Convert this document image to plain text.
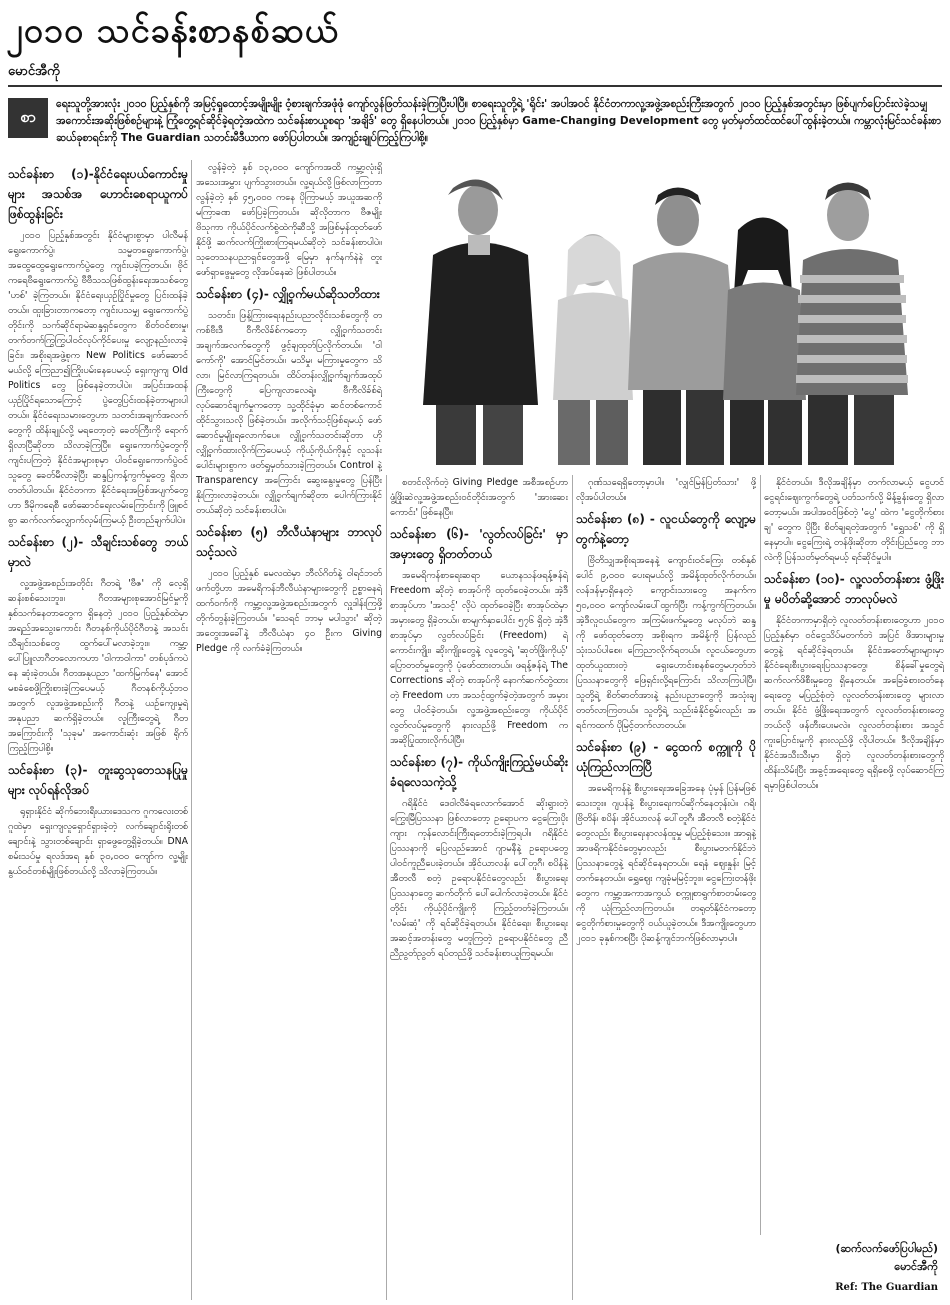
၂၀၁၀ သင်ခန်းစာနစ်ဆယ်
မောင်အီကို
စာ
ရေးသူတို့အားလုံး ၂၀၁၀ ပြည့်နှစ်ကို အမြင့်ရှုထောင့်အမျိုးမျိုး ဝံ့စားချက်အဖုံဖုံ ကျော်လွန်ဖြတ်သန်းခဲ့ကြပြီးပါပြီ။ စာရေးသူတို့ရဲ့ 'ရိုင်း' အပါအဝင် နိုင်ငံတကာလူ့အဖွဲ့အစည်းကြီးအတွက် ၂၀၁၀ ပြည့်နှစ်အတွင်းမှာ ဖြစ်ပျက်ပြောင်းလဲခဲ့သမျှ အကောင်းအဆိုးဖြစ်စဉ်များနဲ့ ကြုံတွေ့ရင်ဆိုင်ခဲ့ရတဲ့အထဲက သင်ခန်းစာယူစရာ 'အချိဒ်' တွေ ရှိနေပါတယ်။ ၂၀၁၀ ပြည့်နှစ်မှာ Game-Changing Development တွေ မှတ်မှတ်ထင်ထင်ပေါ်ထွန်းခဲ့တယ်။ ကမ္ဘာလုံးမြင်သင်ခန်းစာဆယ်ခုစာရင်းကို The Guardian သတင်းမီဒီယာက ဖော်ပြပါတယ်။ အကျဉ်းချုပ်ကြည့်ကြပါစို့။
သင်ခန်းစာ (၁)-နိုင်ငံရေးပယ်ကောင်းမှုများ အသစ်အ ဟောင်းစေရာယူကပ်ဖြစ်ထွန်းခြင်း

၂၀၁၀ ပြည့်နှစ်အတွင်း နိုင်ငံများစွာမှာ ပါလီမန်ရွေးကောက်ပွဲ၊ သမ္မတရွေးကောက်ပွဲ၊ အထွေထွေရွေးကောက်ပွဲတွေ ကျင်းပခဲ့ကြတယ်။ ဗိုင်ကရေဗီရွေးကောက်ပွဲ ဗီဗီသသဖြစ်ထွန်းရေးအသစ်တွေ 'ဟစ်' ခဲ့ကြတယ်။ နိုင်ငံရေးယှဉ်ပြိုင်မှုတွေ ပြင်းထန်ခဲ့တယ်။ ထူးခြားတာကတော့ ကျင်းပသမျှ ရွေးကောက်ပွဲတိုင်းကို သက်ဆိုင်ရာမဲဆန္ဒရှင်တွေက စိတ်ဝင်စားမှု၊ တက်တက်ကြွကြွပါဝင်လုပ်ကိုင်ပေးမှု လျော့နည်းလာခဲ့ခြင်း၊ အစိုးရအဖွဲ့စုက New Politics ဖော်ဆောင်မယ်လို့ ကြေညာ၍ကြိုးပမ်းနေပေမယ့် ရှေးကျကျ Old Politics တွေ ဖြစ်နေခဲ့တာပါပဲ။ အပြင်းအထန် ယှဉ်ပြိုင်ရသောကြောင့် ပွဲတွေပြင်းထန်ခဲ့တာများပါတယ်။ နိုင်ငံရေးသမားတွေဟာ သတင်းအချက်အလက်တွေကို ထိန်းချုပ်လို့ မရတော့တဲ့ ခေတ်ကြီးကို ရောက်ရှိလာပြီဆိုတာ သိလာခဲ့ကြပြီ။ ရွေးကောက်ပွဲတွေကို ကျင်းပကြတဲ့ နိုင်ငံအများစုမှာ ပါဝင်ရွေးကောက်ပွဲဝင်သူတွေ ခေတ်မီလာခဲ့ပြီး ဆန္ဒပြကန့်ကွက်မှုတွေ ရှိလာတတ်ပါတယ်။ နိုင်ငံတကာ နိုင်ငံရေးအဖြစ်အပျက်တွေဟာ ဒီမိုကရေစီ ဖော်ဆောင်ရေးလမ်းကြောင်းကို ဖြူစင်စွာ ဆက်လက်လျှောက်လှမ်းကြမယ့် ဦးတည်ချက်ပါပဲ။

သင်ခန်းစာ (၂)- သီချင်းသစ်တွေ ဘယ်မှာလဲ

လူ့အဖွဲ့အစည်းအတိုင်း ဂီတရဲ့ 'ဗီဇ' ကို လေ့ရှိဆန်းစစ်သေးဘူး။ ဂီတအများစုအောင်မြင်မှုကို နှစ်သက်နေတာတွေက ရှိနေတဲ့ ၂၀၁၀ ပြည့်နှစ်ထဲမှာ အရည်အသွေးကောင်း ဂီတနစ်ကိုယ်ပိုင်ဂီတနဲ့ အသင်း သီချင်းသစ်တွေ ထွက်ပေါ်မလာခဲ့ဘူး။ ကမ္ဘာ့ပေါ်ပြူလာဂီတလောကဟာ 'ဝါကာဝါကာ' တစ်ပုဒ်ကပဲ နေ ဆုံးခဲ့တယ်။ ဂီတအနုပညာ 'ထက်မြက်နေ' အောင် မစခံစေဖို့ကြိုးစားခဲ့ကြပေမယ့် ဂီတနစ်ကိုယ့်ဘဝအတွက် လူအဖွဲ့အစည်းကို ဂီတနဲ့ ယဉ်ကျေးမှုရဲ့ အနုပညာ ဆက်ရှိခဲ့တယ်။ လူကြီးတွေရဲ့ ဂီတအကြောင်းကို 'သုခုမ' အကောင်းဆုံး အဖြစ် ရိုက်ကြည့်ကြပါစို့။

သင်ခန်းစာ (၃)- တူးဆွသုတေသနပြုမှုများ လုပ်ရန်လိုအပ်

ရုရှားနိုင်ငံ ဆိုက်ဘေးရီးယားဒေသက ဂူကလေးတစ်ဂူထဲမှာ ရှေးကျလူရှောင်ရှားခဲ့တဲ့ လက်ချောင်းရိုးတစ်ချောင်းနဲ့ သွားတစ်ချောင်း ရှာဖွေတွေ့ရှိခဲ့တယ်။ DNA စမ်းသပ်မှု ရလဒ်အရ နှစ် ၃၀,၀၀၀ ကျော်က လူ့မျိုးနွယ်ဝင်တစ်မျိုးဖြစ်တယ်လို့ သိလာခဲ့ကြတယ်။

လွန်ခဲ့တဲ့ နှစ် ၁၃,၀၀၀ ကျော်ကအထိ ကမ္ဘာ့လုံးရှိအသေးအမွှား ပျက်သွားတယ်။ လူ့ရယ်လို့ဖြစ်လာကြတာ လွန်ခဲ့တဲ့ နှစ် ၄၅,၀၀၀ ကနေ ပိုကြာမယ့် အယူအဆကို မကြာခဏ ဖော်ပြခဲ့ကြတယ်။ ဆိုလိုတာက ဗီဇမျိုးဗိသုကာ ကိုယ်ပိုင်လက်စွဲထဲကိုဆီသို့ အဖြစ်မှန်ထုတ်ဖော်နိုင်ဖို့ ဆက်လက်ကြိုးစားကြရမယ်ဆိုတဲ့ သင်ခန်းစာပါပဲ။ သုတေသနပညာရှင်တွေအဖို့ မြေမှာ နက်နက်နဲနဲ တူးဖော်ရှာဖွေမှုတွေ လိုအပ်နေဆဲ ဖြစ်ပါတယ်။

သင်ခန်းစာ (၄)- လျှို့ဝှက်မယ်ဆိုသတိထား

သတင်း၊ ဖြန့်ကြားရေးနည်းပညာလိုင်းသစ်တွေကို တကစ်ဗီးဒီ ဝီကီလိခ်စ်ကတော့ လျှို့ဝှက်သတင်းအချက်အလက်တွေကို ဖွင့်ချထုတ်ပြလိုက်တယ်။ 'ဝါကော်ကို' အောင်မြင်တယ်။ မသိမှု၊ မကြားမှုတွေက သိလာ၊ မြင်လာကြရတယ်။ ထိပ်တန်းလျှို့ဝှက်ချက်အထုပ်ကြီးတွေကို ပြေကျလာလေရဲ့။ ဗီကီလိခ်စ်ရဲ့ လုပ်ဆောင်ချက်မှုကတော့ သူ့ထိုင်ခုံမှာ ဆင်တစ်ကောင် ထိုင်သွားသလို ဖြစ်ခဲ့တယ်။ အလိုက်သင့်ဖြစ်ရမယ့် ဖော်ဆောင်မှုမျိုးရလောက်ပေ။ လျှို့ဝှက်သတင်းဆိုတာ ဟို လျှို့ဝှက်ထားလိုက်ကြပေမယ့် ကိုယ့်ကိုယ်ကိုနှင့် လူသန်းပေါင်းများစွာက ဖတ်ရှုမှတ်သားခဲ့ကြတယ်။ Control နဲ့ Transparency အကြောင်း ဆွေးနွေးမှုတွေ ပြန်ပြီး နိုးကြားလာခဲ့တယ်။ လျှို့ဝှက်ချက်ဆိုတာ ပေါက်ကြားနိုင်တယ်ဆိုတဲ့ သင်ခန်းစာပါပဲ။

သင်ခန်းစာ (၅) ဘီလီယံနာများ ဘာလုပ်သင့်သလဲ

၂၀၁၀ ပြည့်နှစ် မေလထဲမှာ ဘီလ်ဂိတ်နဲ့ ဝါရင်ဘတ်ဖက်တို့ဟာ အမေရိကန်ဘီလီယံနာများတွေကို ဥစ္စာဓနရဲ့ ထက်ဝက်ကို ကမ္ဘာ့လူ့အဖွဲ့အစည်းအတွက် လှူဒါန်းကြဖို့ တိုက်တွန်းခဲ့ကြတယ်။ 'သေရင် ဘာမှ မပါသွား' ဆိုတဲ့အတွေးအခေါ်နဲ့ ဘီလီယံနာ ၄၀ ဦးက Giving Pledge ကို လက်ခံခဲ့ကြတယ်။

စတင်လိုက်တဲ့ Giving Pledge အစီအစဉ်ဟာ ဖွံ့ဖြိုးဆဲလူ့အဖွဲ့အစည်းဝင်တိုင်းအတွက် 'အားဆေး ကောင်း' ဖြစ်နေပြီ။

သင်ခန်းစာ (၆)- 'လွတ်လပ်ခြင်း' မှာ အမှားတွေ ရှိတတ်တယ်

အမေရိကန်စာရေးဆရာ ယောနသန်ဖရန့်ဇန်ရဲ့ Freedom ဆိုတဲ့ စာအုပ်ကို ထုတ်ဝေခဲ့တယ်။ အဲ့ဒီ စာအုပ်ဟာ 'အသင့်' လိုပဲ ထုတ်ဝေခဲ့ပြီး စာအုပ်ထဲမှာ အမှားတွေ ရှိခဲ့တယ်။ စာမျက်နှာပေါင်း ၅၇၆ ရှိတဲ့ အဲ့ဒီစာအုပ်မှာ လွတ်လပ်ခြင်း (Freedom) ရဲ့ ကောင်းကျိုး၊ ဆိုးကျိုးတွေနဲ့ လူတွေရဲ့ 'ဆုတ်ဖြိုးကိုယ့်' ပြောတတ်မှုတွေကို ပုံဖော်ထားတယ်။ ဖရန့်ဇန်ရဲ့ The Corrections ဆိုတဲ့ စာအုပ်ကို နောက်ဆက်တွဲထားတဲ့ Freedom ဟာ အသင့်ထွက်ခဲ့တဲ့အတွက် အမှားတွေ ပါဝင်ခဲ့တယ်။ လူ့အဖွဲ့အစည်းတွေ၊ ကိုယ်ပိုင်လွတ်လပ်မှုတွေကို နားလည်ဖို့ Freedom က အဆိုပြုထားလိုက်ပါပြီ။

သင်ခန်းစာ (၇)- ကိုယ်ကျိုးကြည့်မယ်ဆိုးခံရလေသကဲ့သို့

ဂရိနိုင်ငံ ဒေဝါလီခံရလောက်အောင် ဆိုးရွားတဲ့ကြွေးမြီပြဿနာ ဖြစ်လာတော့ ဥရောပက ငွေကြေးပိုး ကျား ကုန်လောင်းကြီးရတောင်းခဲ့ကြရပါ။ ဂရိနိုင်ငံ ပြဿနာကို ပြေလည်အောင် ဂျာမနီနဲ့ ဥရောပတွေ ပါဝင်ကူညီပေးခဲ့တယ်။ အိုင်ယာလန်၊ ပေါ်တူဂီ၊ စပိန်နဲ့ အီတလီ စတဲ့ ဥရောပနိုင်ငံတွေလည်း စီးပွားရေး ပြဿနာတွေ ဆက်တိုက် ပေါ်ပေါက်လာခဲ့တယ်။ နိုင်ငံတိုင်း ကိုယ့်ပိုင်ကျိုးကို ကြည့်တတ်ခဲ့ကြတယ်။ 'လမ်းဆုံ' ကို ရင်ဆိုင်ခဲ့ရတယ်။ နိုင်ငံရေး၊ စီးပွားရေးအဆင့်အတန်းတွေ မတူကြတဲ့ ဥရောပနိုင်ငံတွေ ညီညီညွတ်ညွတ် ရပ်တည်ဖို့ သင်ခန်းစာယူကြရမယ်။

ဂုဏ်သရေရှိတော့မှာပါ။ 'လျှင်မြန်ပြတ်သား' ဖို့ လိုအပ်ပါတယ်။

သင်ခန်းစာ (၈) - လူငယ်တွေကို လျော့မတွက်နဲ့တော့

ဗြိတိသျှအစိုးရအနေနဲ့ ကျောင်းဝင်ကြေး တစ်နှစ် ပေါင် ၉,၀၀၀ ပေးရမယ်လို့ အမိန့်ထုတ်လိုက်တယ်။ လန်ဒန်မှာရှိနေတဲ့ ကျောင်းသားတွေ အနက်က ၅၀,၀၀၀ ကျော်လမ်းပေါ်ထွက်ပြီး ကန့်ကွက်ကြတယ်။ အဲ့ဒီလူငယ်တွေက အကြမ်းဖက်မှုတွေ မလုပ်ဘဲ ဆန္ဒကို ဖော်ထုတ်တော့ အစိုးရက အမိန့်ကို ပြန်လည်သုံးသပ်ပါစေ။ ကြေညာလိုက်ရတယ်။ လူငယ်တွေဟာ ထုတ်ယူထားတဲ့ ရှေးဟောင်းစနစ်တွေမဟုတ်ဘဲ ပြဿနာတွေကို ဖြေရှင်းလို့ရကြောင်း သိလာကြပါပြီ။ သူတို့ရဲ့ စိတ်ဓာတ်အားနဲ့ နည်းပညာတွေကို အသုံးချတတ်လာကြတယ်။ သူတို့ရဲ့ သည်းခံနိုင်စွမ်းလည်း အရင်ကထက် ပိုမြင့်တက်လာတယ်။

သင်ခန်းစာ (၉) - ငွေထက် စက္ကူကို ပိုယုံကြည်လာကြပြီ

အမေရိကန်နဲ့ စီးပွားရေးအခြေအနေ ပုံမှန် ပြန်မဖြစ်သေးဘူး။ ဂျပန်နဲ့ စီးပွားရေးကပ်ဆိုက်နေတုန်းပဲ။ ဂရိ၊ ဗြိတိန်၊ စပိန်၊ အိုင်ယာလန် ပေါ်တူဂီ၊ အီတလီ စတဲ့နိုင်ငံတွေလည်း စီးပွားရေးနာလန်ထူမှု မပြည့်စုံသေး။ အာရှနဲ့ အာဖရိကနိုင်ငံတွေမှာလည်း စီးပွားမတက်နိုင်ဘဲ ပြဿနာတွေနဲ့ ရင်ဆိုင်နေရတယ်။ ရေနံ ဈေးနှုန်း မြင့်တက်နေတယ်။ ရွှေဈေး ကျခုံမမြင့်ဘူး။ ငွေကြေးတန်ဖိုးတွေက ကမ္ဘာ့အကာအကွယ် စက္ကူစာရွက်စာတမ်းတွေကို ယုံကြည်လာကြတယ်။ တရုတ်နိုင်ငံကတော့ ငွေတိုက်စားမှုတွေကို ဝယ်ယူခဲ့တယ်။ ဒီအကျိုးတွေဟာ ၂၀၁၁ ခုနှစ်ကစပြီး ပိုဆန့်ကျင်ဘက်ဖြစ်လာမှာပါ။

နိုင်ငံတယ်။ ဒီလိုအချိန်မှာ တက်လာမယ့် ငွေဟင်ငွေရင်းဈေးကွက်တွေရဲ့ ပတ်သက်လို့ မိန့်ခွန်းတွေ ရှိလာတော့မယ်။ အပါအဝင်ဖြစ်တဲ့ 'ပွေ' ထဲက 'ငွေတိုက်စားချ' တွေက ပိုပြီး စိတ်ချရတဲ့အတွက် 'ရွှေသစ်' ကို ရှိနေမှာပါ။ ငွေကြေးရဲ့ တန်ဖိုးဆိုတာ တိုင်းပြည်တွေ ဘာလဲကို ပြန်သတ်မှတ်ရမယ့် ရင်ဆိုင်မှုပါ။

သင်ခန်းစာ (၁၀)- လူ့လတ်တန်းစား ဖွံ့ဖြိုးမှု မပိတ်ဆို့အောင် ဘာလုပ်မလဲ

နိုင်ငံတကာမှာရှိတဲ့ လူလတ်တန်းစားတွေဟာ ၂၀၁၀ ပြည့်နှစ်မှာ ဝင်ငွေသိပ်မတက်ဘဲ အပြင် ဖိအားများမှုတွေနဲ့ ရင်ဆိုင်ခဲ့ရတယ်။ နိုင်ငံအတော်များများမှာ နိုင်ငံရေးစီးပွားရေးပြဿနာတွေ၊ စိန်ခေါ်မှုတွေရဲ့ ဆက်လက်ဖိစီးမှုတွေ ရှိနေတယ်။ အခြေခံစားဝတ်နေရေးတွေ မပြည့်စုံတဲ့ လူလတ်တန်းစားတွေ များလာတယ်။ နိုင်ငံ ဖွံ့ဖြိုးရေးအတွက် လူလတ်တန်းစားတွေ ဘယ်လို ဖန်တီးပေးမလဲ။ လူလတ်တန်းစား အသွင်ကူးပြောင်းမှုကို နားလည်ဖို့ လိုပါတယ်။ ဒီလိုအချိန်မှာ နိုင်ငံအသီးသီးမှာ ရှိတဲ့ လူလတ်တန်းစားတွေကို ထိန်းသိမ်းပြီး အခွင့်အရေးတွေ ရရှိစေဖို့ လုပ်ဆောင်ကြရမှာဖြစ်ပါတယ်။

(ဆက်လက်ဖော်ပြပါမည်)
မောင်အီကို
Ref: The Guardian
